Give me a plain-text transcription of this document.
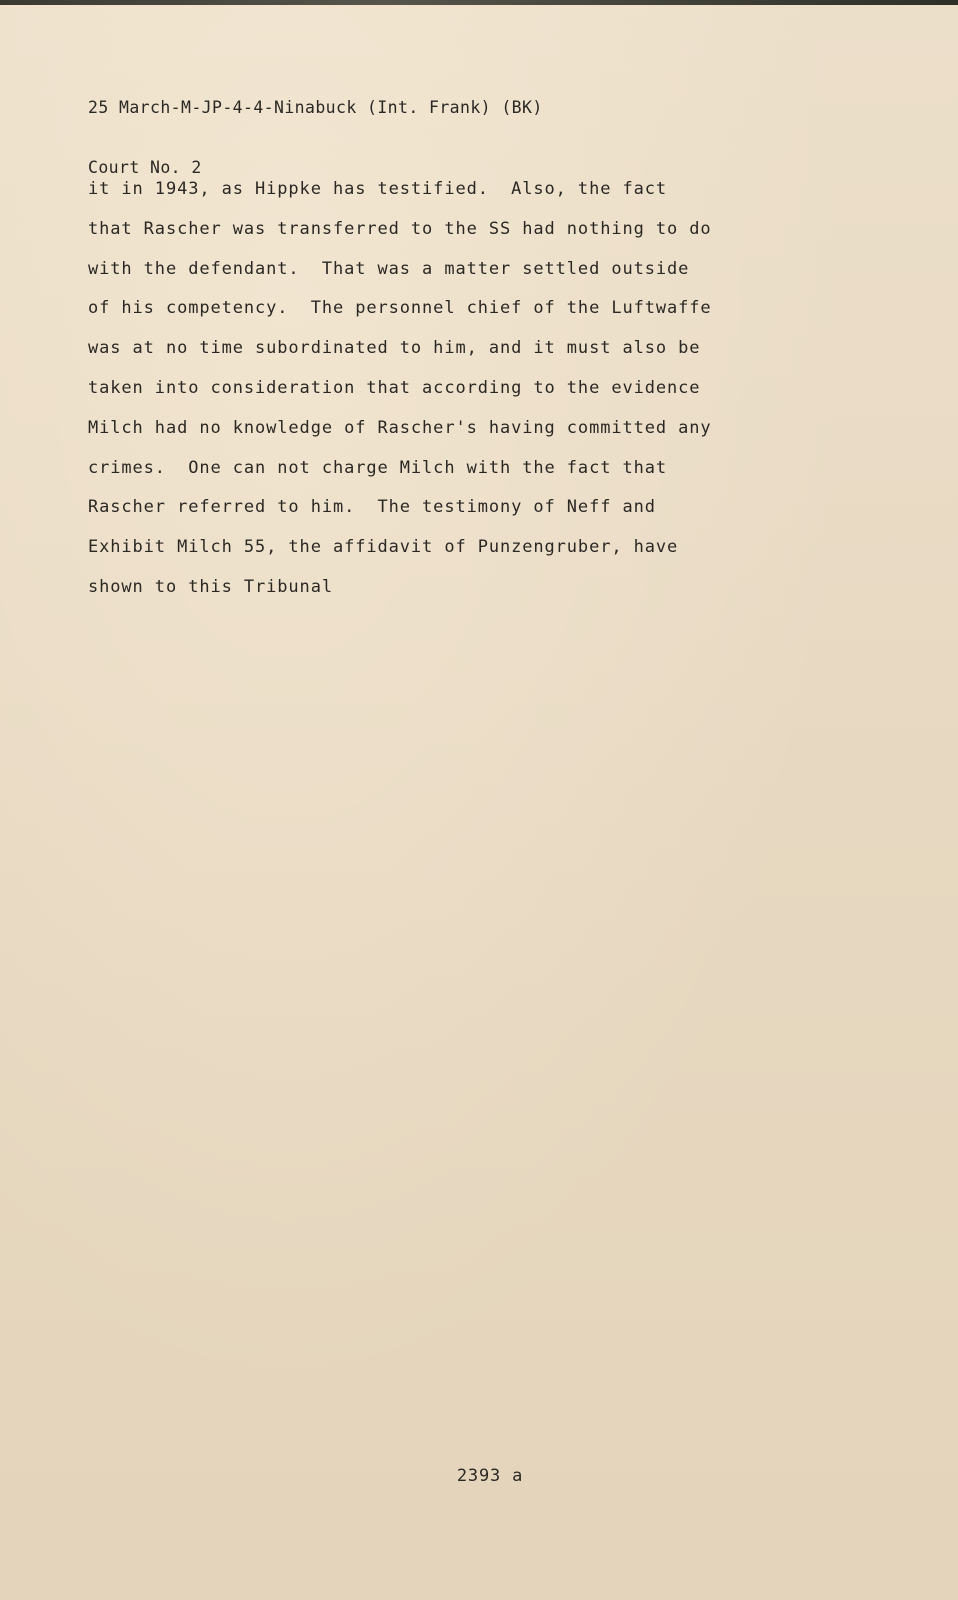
25 March-M-JP-4-4-Ninabuck (Int. Frank) (BK)

Court No. 2

it in 1943, as Hippke has testified.  Also, the fact
that Rascher was transferred to the SS had nothing to do
with the defendant.  That was a matter settled outside
of his competency.  The personnel chief of the Luftwaffe
was at no time subordinated to him, and it must also be
taken into consideration that according to the evidence
Milch had no knowledge of Rascher's having committed any
crimes.  One can not charge Milch with the fact that
Rascher referred to him.  The testimony of Neff and
Exhibit Milch 55, the affidavit of Punzengruber, have
shown to this Tribunal
2393 a
